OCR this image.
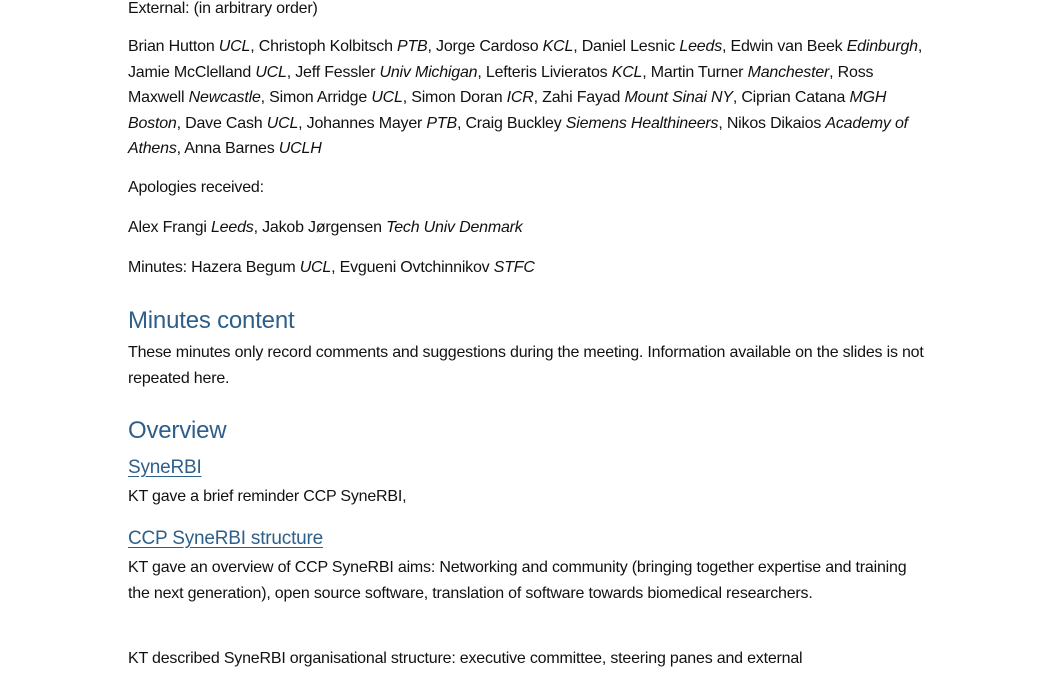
External: (in arbitrary order)

Brian Hutton UCL, Christoph Kolbitsch PTB, Jorge Cardoso KCL, Daniel Lesnic Leeds, Edwin van Beek Edinburgh, Jamie McClelland UCL, Jeff Fessler Univ Michigan, Lefteris Livieratos KCL, Martin Turner Manchester, Ross Maxwell Newcastle, Simon Arridge UCL, Simon Doran ICR, Zahi Fayad Mount Sinai NY, Ciprian Catana MGH Boston, Dave Cash UCL, Johannes Mayer PTB, Craig Buckley Siemens Healthineers, Nikos Dikaios Academy of Athens, Anna Barnes UCLH

Apologies received:

Alex Frangi Leeds, Jakob Jørgensen Tech Univ Denmark

Minutes: Hazera Begum UCL, Evgueni Ovtchinnikov STFC

Minutes content

These minutes only record comments and suggestions during the meeting. Information available on the slides is not repeated here.

Overview
SyneRBI

KT gave a brief reminder CCP SyneRBI,

CCP SyneRBI structure

KT gave an overview of CCP SyneRBI aims: Networking and community (bringing together expertise and training the next generation), open source software, translation of software towards biomedical researchers.

KT described SyneRBI organisational structure: executive committee, steering panes and external
